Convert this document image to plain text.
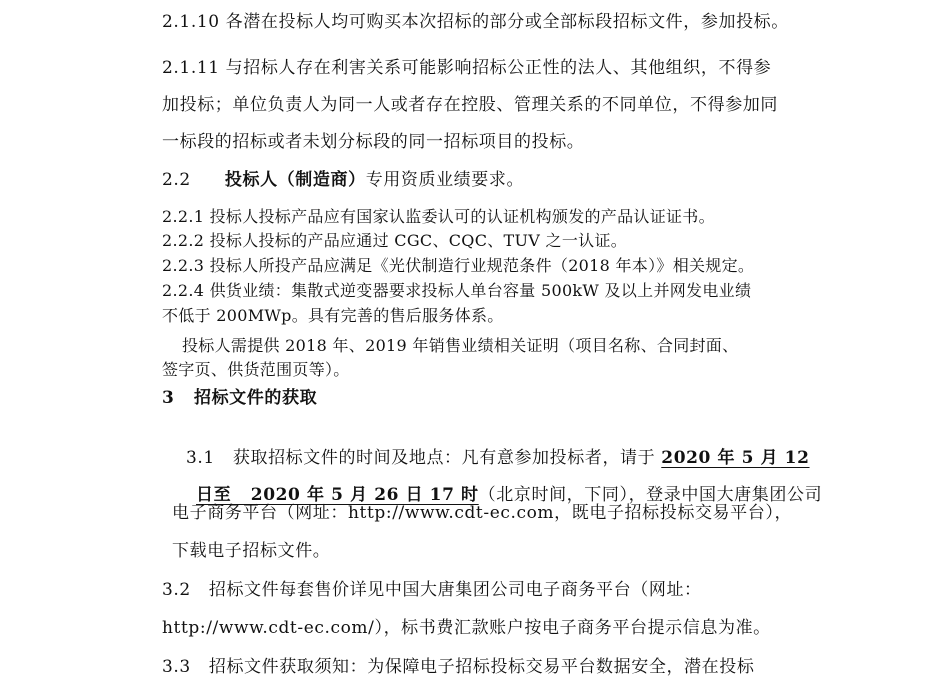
2.1.10 各潜在投标人均可购买本次招标的部分或全部标段招标文件，参加投标。
2.1.11 与招标人存在利害关系可能影响招标公正性的法人、其他组织，不得参
加投标；单位负责人为同一人或者存在控股、管理关系的不同单位，不得参加同
一标段的招标或者未划分标段的同一招标项目的投标。
2.2 投标人（制造商）专用资质业绩要求。
2.2.1 投标人投标产品应有国家认监委认可的认证机构颁发的产品认证证书。
2.2.2 投标人投标的产品应通过 CGC、CQC、TUV 之一认证。
2.2.3 投标人所投产品应满足《光伏制造行业规范条件（2018 年本）》相关规定。
2.2.4 供货业绩：集散式逆变器要求投标人单台容量 500kW 及以上并网发电业绩
不低于 200MWp。具有完善的售后服务体系。
投标人需提供 2018 年、2019 年销售业绩相关证明（项目名称、合同封面、
签字页、供货范围页等）。
3   招标文件的获取

3.1   获取招标文件的时间及地点：凡有意参加投标者，请于 2020 年 5 月 12

日至   2020 年 5 月 26 日 17 时（北京时间，下同），登录中国大唐集团公司

电子商务平台（网址：http://www.cdt-ec.com，既电子招标投标交易平台），
下载电子招标文件。
3.2   招标文件每套售价详见中国大唐集团公司电子商务平台（网址：
http://www.cdt-ec.com/），标书费汇款账户按电子商务平台提示信息为准。
3.3   招标文件获取须知：为保障电子招标投标交易平台数据安全，潜在投标
